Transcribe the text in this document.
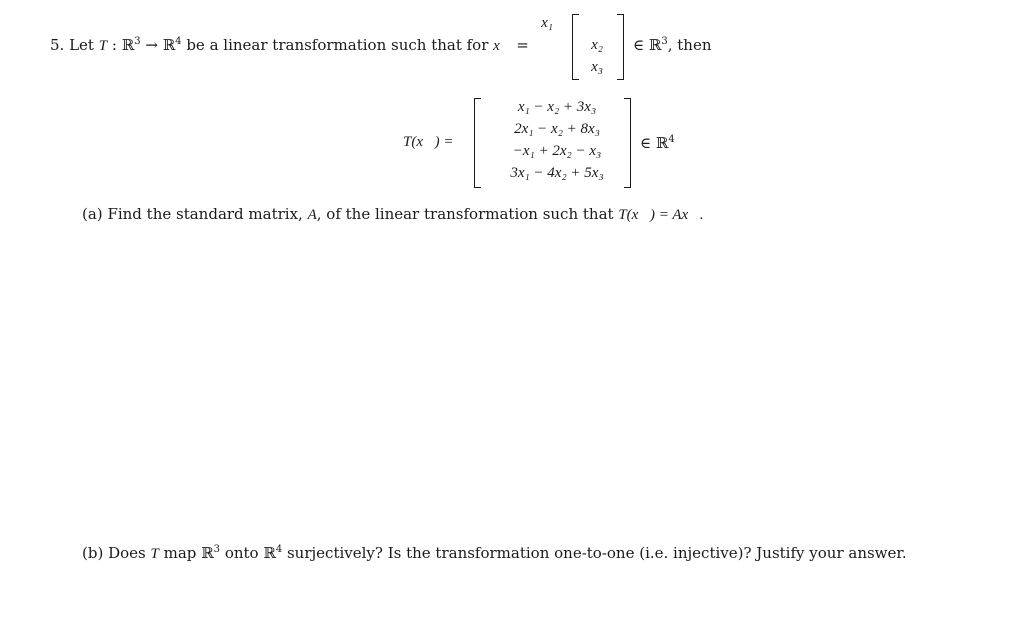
5. Let T : ℝ$^3$ → ℝ$^4$ be a linear transformation such that for x⃗ =
x₁
x₂
x₃
∈ ℝ$^3$, then
T(x⃗) =
x₁ − x₂ + 3x₃
2x₁ − x₂ + 8x₃
−x₁ + 2x₂ − x₃
3x₁ − 4x₂ + 5x₃
∈ ℝ$^4$
(a) Find the standard matrix, A, of the linear transformation such that T(x⃗) = Ax⃗.
(b) Does T map ℝ$^3$ onto ℝ$^4$ surjectively? Is the transformation one-to-one (i.e. injective)? Justify your answer.
